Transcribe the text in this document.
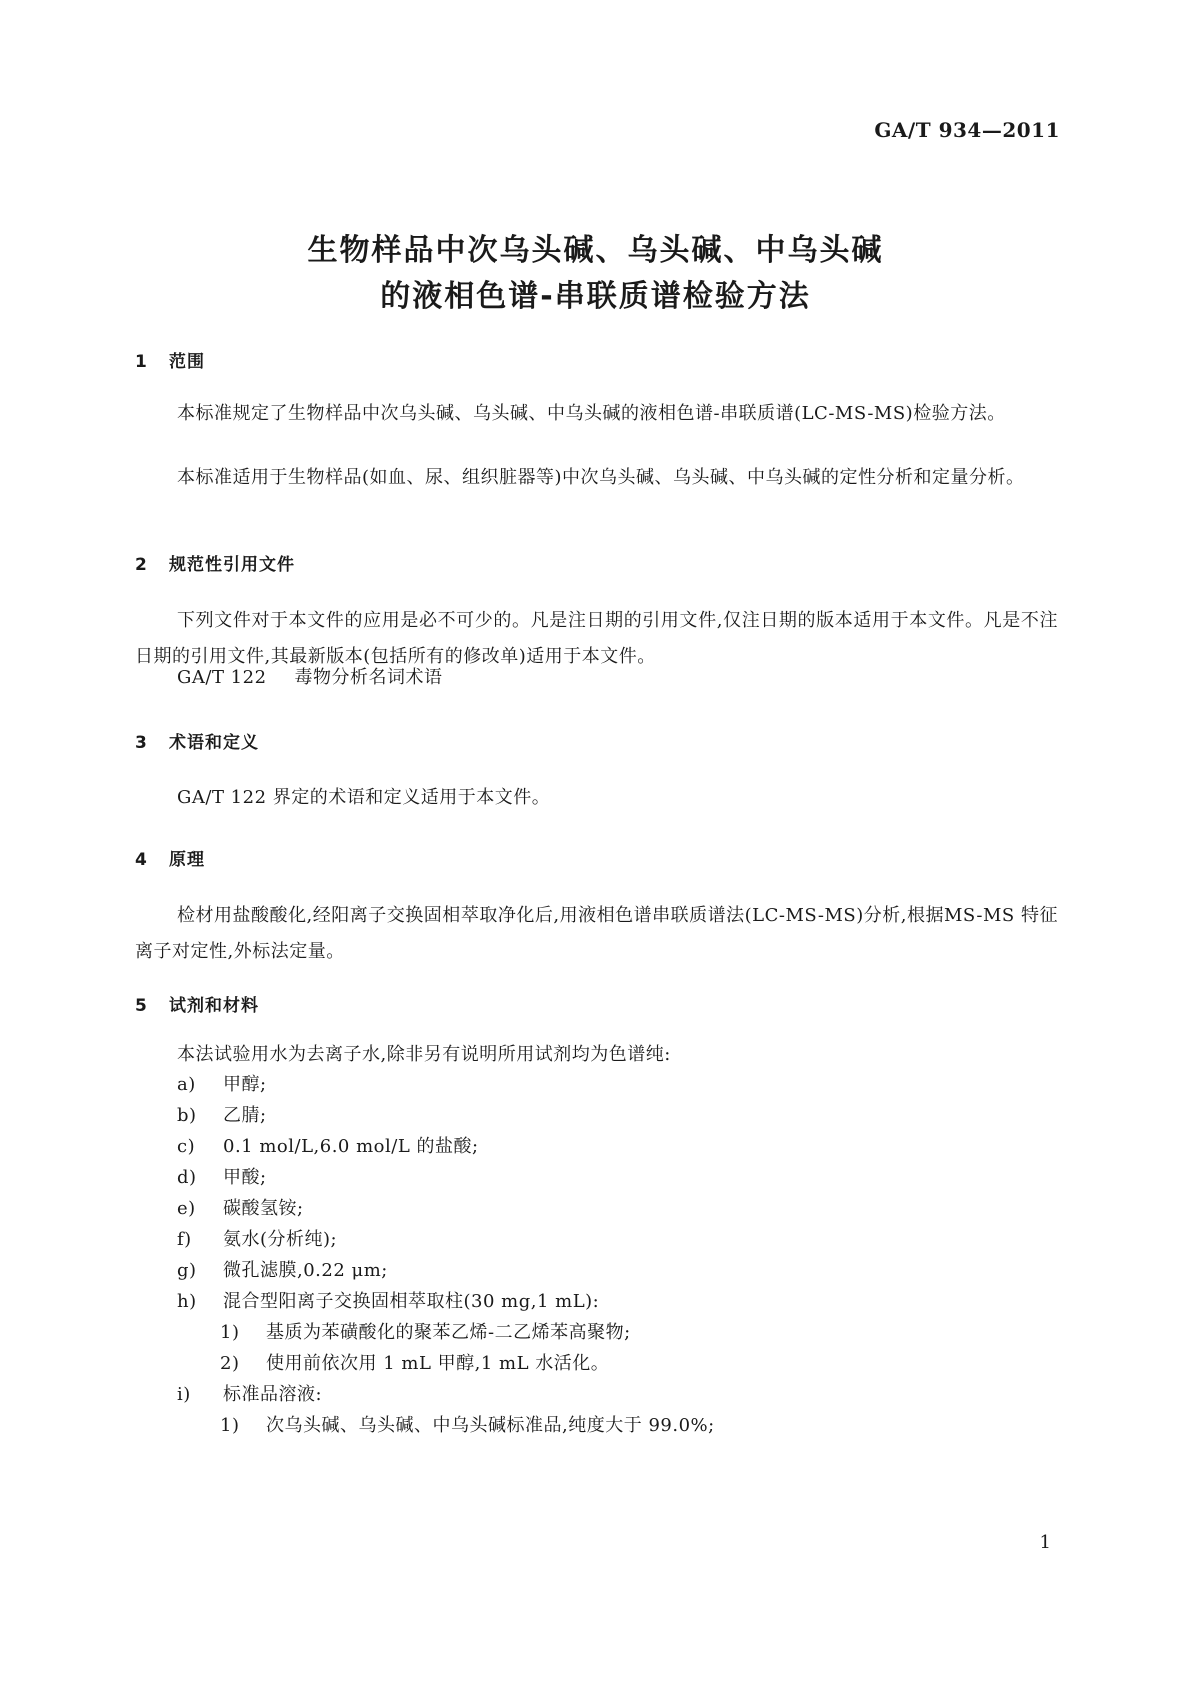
GA/T 934—2011
生物样品中次乌头碱、乌头碱、中乌头碱
的液相色谱-串联质谱检验方法
1 范围
本标准规定了生物样品中次乌头碱、乌头碱、中乌头碱的液相色谱-串联质谱(LC-MS-MS)检验方法。
本标准适用于生物样品(如血、尿、组织脏器等)中次乌头碱、乌头碱、中乌头碱的定性分析和定量分析。
2 规范性引用文件
下列文件对于本文件的应用是必不可少的。凡是注日期的引用文件,仅注日期的版本适用于本文件。凡是不注日期的引用文件,其最新版本(包括所有的修改单)适用于本文件。
GA/T 122 毒物分析名词术语
3 术语和定义
GA/T 122 界定的术语和定义适用于本文件。
4 原理
检材用盐酸酸化,经阳离子交换固相萃取净化后,用液相色谱串联质谱法(LC-MS-MS)分析,根据MS-MS 特征离子对定性,外标法定量。
5 试剂和材料
本法试验用水为去离子水,除非另有说明所用试剂均为色谱纯:
a) 甲醇;
b) 乙腈;
c) 0.1 mol/L,6.0 mol/L 的盐酸;
d) 甲酸;
e) 碳酸氢铵;
f) 氨水(分析纯);
g) 微孔滤膜,0.22 μm;
h) 混合型阳离子交换固相萃取柱(30 mg,1 mL):
1) 基质为苯磺酸化的聚苯乙烯-二乙烯苯高聚物;
2) 使用前依次用 1 mL 甲醇,1 mL 水活化。
i) 标准品溶液:
1) 次乌头碱、乌头碱、中乌头碱标准品,纯度大于 99.0%;
1
